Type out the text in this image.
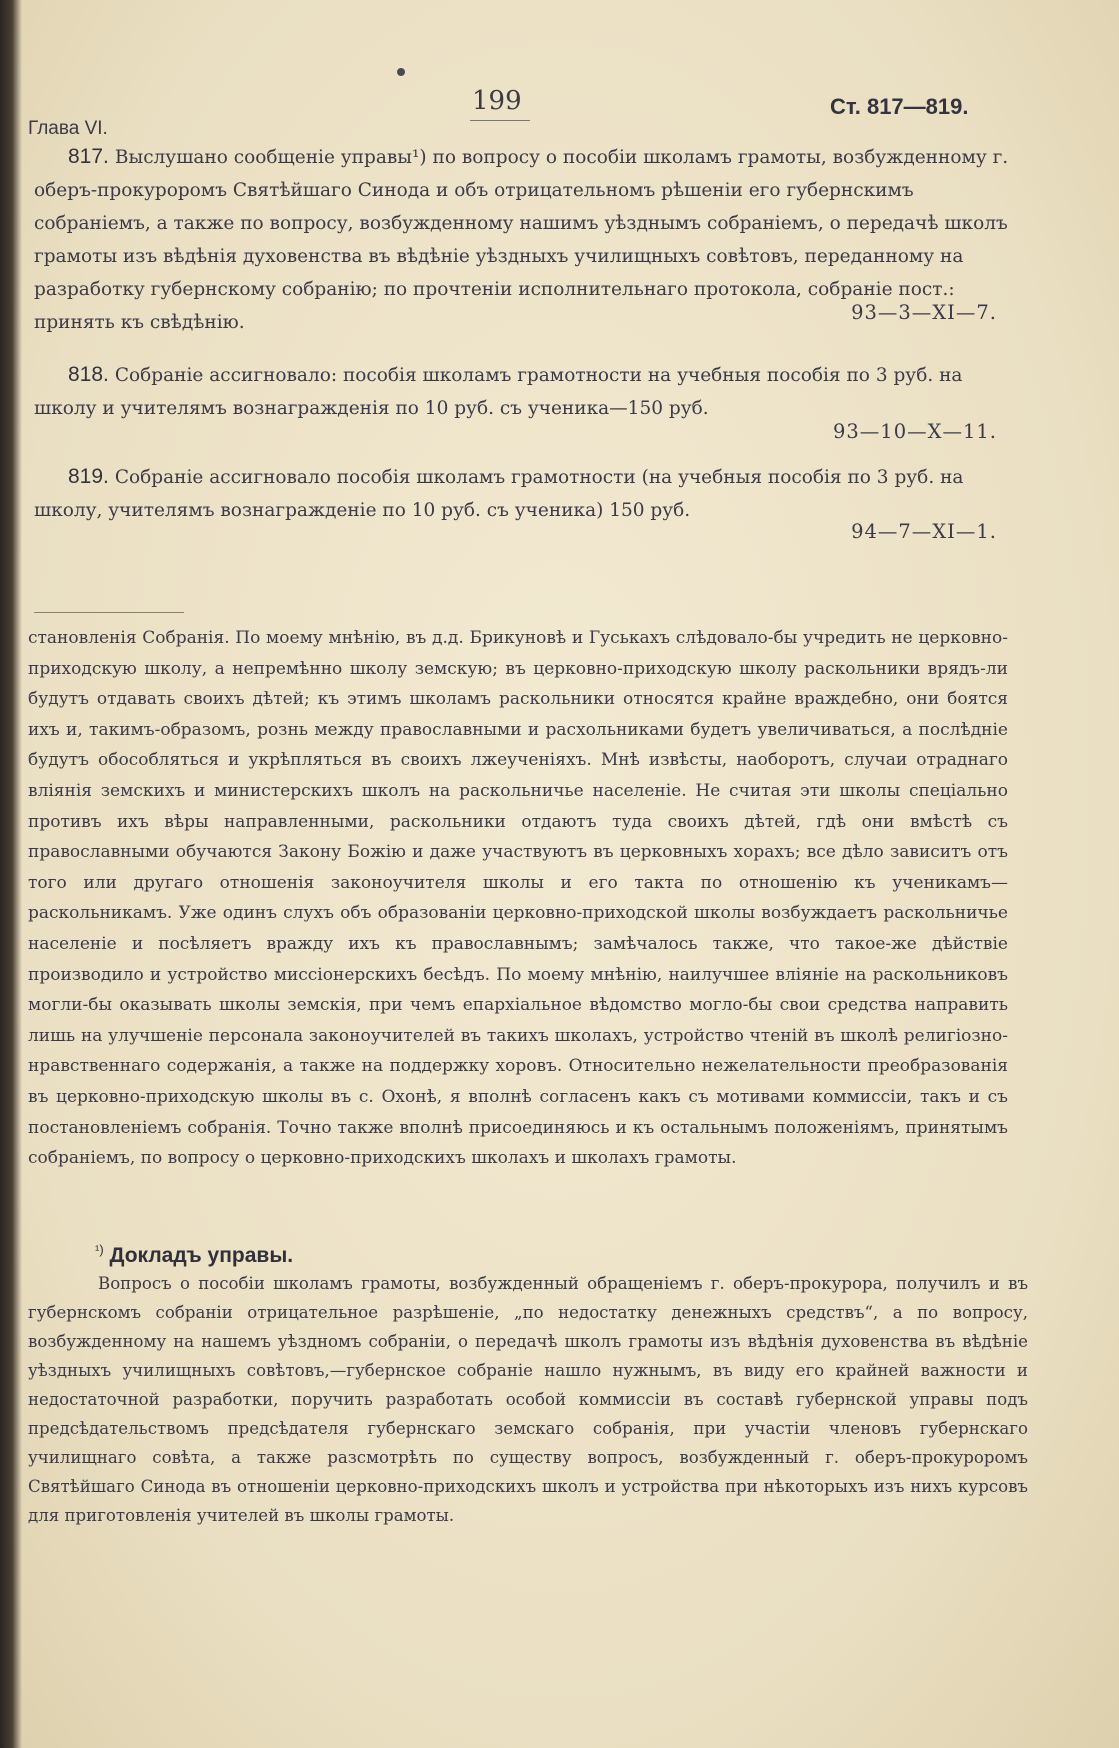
Глава VI.
199	Ст. 817—819.
817. Выслушано сообщеніе управы¹) по вопросу о пособіи школамъ грамоты, возбужденному г. оберъ-прокуроромъ Святѣйшаго Синода и объ отрицательномъ рѣшеніи его губернскимъ собраніемъ, а также по вопросу, возбужденному нашимъ уѣзднымъ собраніемъ, о передачѣ школъ грамоты изъ вѣдѣнія духовенства въ вѣдѣніе уѣздныхъ училищныхъ совѣтовъ, переданному на разработку губернскому собранію; по прочтеніи исполнительнаго протокола, собраніе пост.: принять къ свѣдѣнію.	93—3—XI—7.
818. Собраніе ассигновало: пособія школамъ грамотности на учебныя пособія по 3 руб. на школу и учителямъ вознагражденія по 10 руб. съ ученика—150 руб.
93—10—X—11.
819. Собраніе ассигновало пособія школамъ грамотности (на учебныя пособія по 3 руб. на школу, учителямъ вознагражденіе по 10 руб. съ ученика) 150 руб.
94—7—XI—1.
становленія Собранія. По моему мнѣнію, въ д.д. Брикуновѣ и Гуськахъ слѣдовало-бы учредить не церковно-приходскую школу, а непремѣнно школу земскую; въ церковно-приходскую школу раскольники врядъ-ли будутъ отдавать своихъ дѣтей; къ этимъ школамъ раскольники относятся крайне враждебно, они боятся ихъ и, такимъ-образомъ, рознь между православными и расхольниками будетъ увеличиваться, а послѣдніе будутъ обособляться и укрѣпляться въ своихъ лжеученіяхъ. Мнѣ извѣсты, наоборотъ, случаи отраднаго вліянія земскихъ и министерскихъ школъ на раскольничье населеніе. Не считая эти школы спеціально противъ ихъ вѣры направленными, раскольники отдаютъ туда своихъ дѣтей, гдѣ они вмѣстѣ съ православными обучаются Закону Божію и даже участвуютъ въ церковныхъ хорахъ; все дѣло зависитъ отъ того или другаго отношенія законоучителя школы и его такта по отношенію къ ученикамъ—раскольникамъ. Уже одинъ слухъ объ образованіи церковно-приходской школы возбуждаетъ раскольничье населеніе и посѣляетъ вражду ихъ къ православнымъ; замѣчалось также, что такое-же дѣйствіе производило и устройство миссіонерскихъ бесѣдъ. По моему мнѣнію, наилучшее вліяніе на раскольниковъ могли-бы оказывать школы земскія, при чемъ епархіальное вѣдомство могло-бы свои средства направить лишь на улучшеніе персонала законоучителей въ такихъ школахъ, устройство чтеній въ школѣ религіозно-нравственнаго содержанія, а также на поддержку хоровъ. Относительно нежелательности преобразованія въ церковно-приходскую школы въ с. Охонѣ, я вполнѣ согласенъ какъ съ мотивами коммиссіи, такъ и съ постановленіемъ собранія. Точно также вполнѣ присоединяюсь и къ остальнымъ положеніямъ, принятымъ собраніемъ, по вопросу о церковно-приходскихъ школахъ и школахъ грамоты.
$^{^1)}$ Докладъ управы.
Вопросъ о пособіи школамъ грамоты, возбужденный обращеніемъ г. оберъ-прокурора, получилъ и въ губернскомъ собраніи отрицательное разрѣшеніе, „по недостатку денежныхъ средствъ“, а по вопросу, возбужденному на нашемъ уѣздномъ собраніи, о передачѣ школъ грамоты изъ вѣдѣнія духовенства въ вѣдѣніе уѣздныхъ училищныхъ совѣтовъ,—губернское собраніе нашло нужнымъ, въ виду его крайней важности и недостаточной разработки, поручить разработать особой коммиссіи въ составѣ губернской управы подъ предсѣдательствомъ предсѣдателя губернскаго земскаго собранія, при участіи членовъ губернскаго училищнаго совѣта, а также разсмотрѣть по существу вопросъ, возбужденный г. оберъ-прокуроромъ Святѣйшаго Синода въ отношеніи церковно-приходскихъ школъ и устройства при нѣкоторыхъ изъ нихъ курсовъ для приготовленія учителей въ школы грамоты.
